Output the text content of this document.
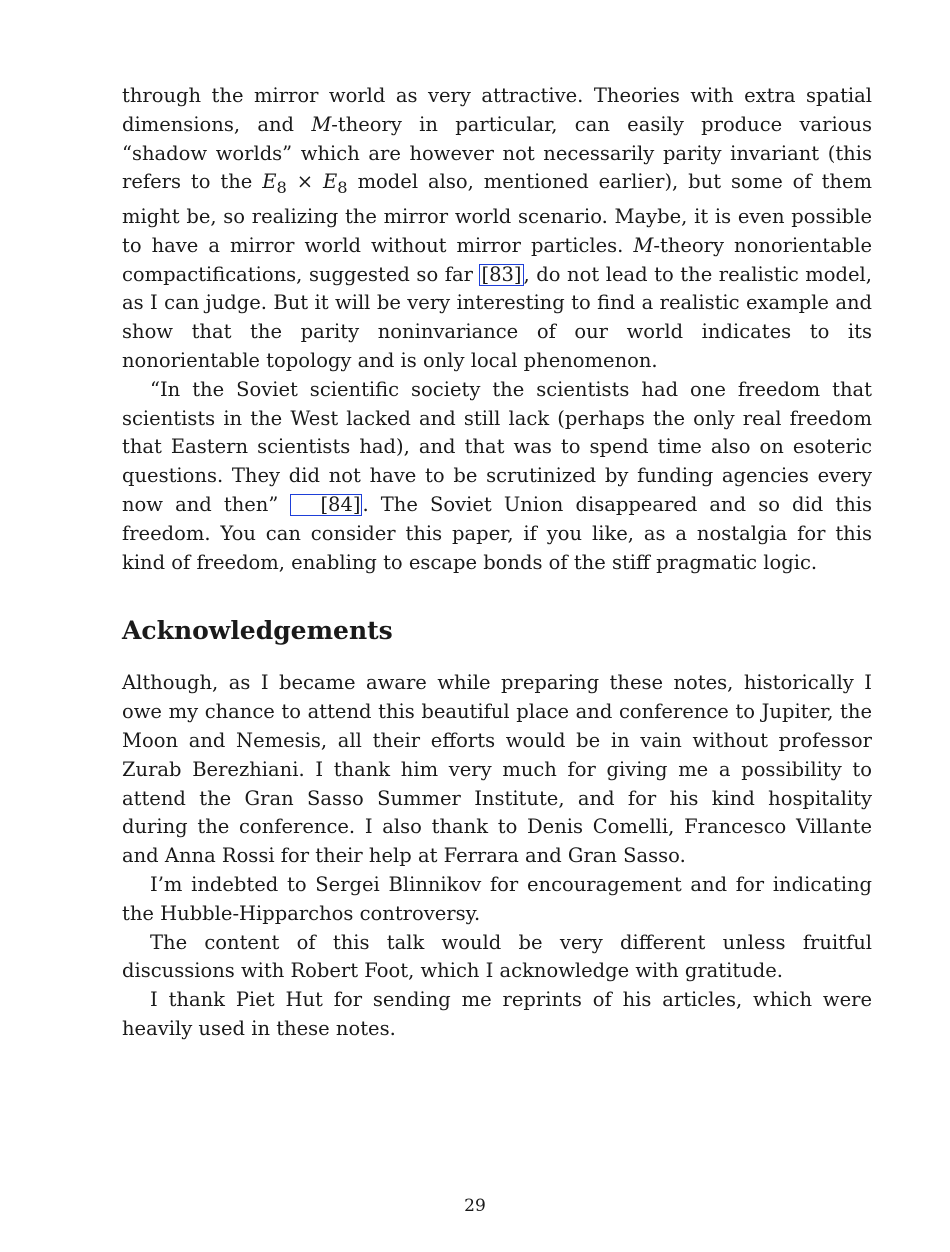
through the mirror world as very attractive. Theories with extra spatial dimensions, and M-theory in particular, can easily produce various “shadow worlds” which are however not necessarily parity invariant (this refers to the $E_8 \times E_8$ model also, mentioned earlier), but some of them might be, so realizing the mirror world scenario. Maybe, it is even possible to have a mirror world without mirror particles. M-theory nonorientable compactifications, suggested so far [83] , do not lead to the realistic model, as I can judge. But it will be very interesting to find a realistic example and show that the parity noninvariance of our world indicates to its nonorientable topology and is only local phenomenon.

“In the Soviet scientific society the scientists had one freedom that scientists in the West lacked and still lack (perhaps the only real freedom that Eastern scientists had), and that was to spend time also on esoteric questions. They did not have to be scrutinized by funding agencies every now and then” [84] . The Soviet Union disappeared and so did this freedom. You can consider this paper, if you like, as a nostalgia for this kind of freedom, enabling to escape bonds of the stiff pragmatic logic.

Acknowledgements

Although, as I became aware while preparing these notes, historically I owe my chance to attend this beautiful place and conference to Jupiter, the Moon and Nemesis, all their efforts would be in vain without professor Zurab Berezhiani. I thank him very much for giving me a possibility to attend the Gran Sasso Summer Institute, and for his kind hospitality during the conference. I also thank to Denis Comelli, Francesco Villante and Anna Rossi for their help at Ferrara and Gran Sasso.

I’m indebted to Sergei Blinnikov for encouragement and for indicating the Hubble-Hipparchos controversy.

The content of this talk would be very different unless fruitful discussions with Robert Foot, which I acknowledge with gratitude.

I thank Piet Hut for sending me reprints of his articles, which were heavily used in these notes.

29
